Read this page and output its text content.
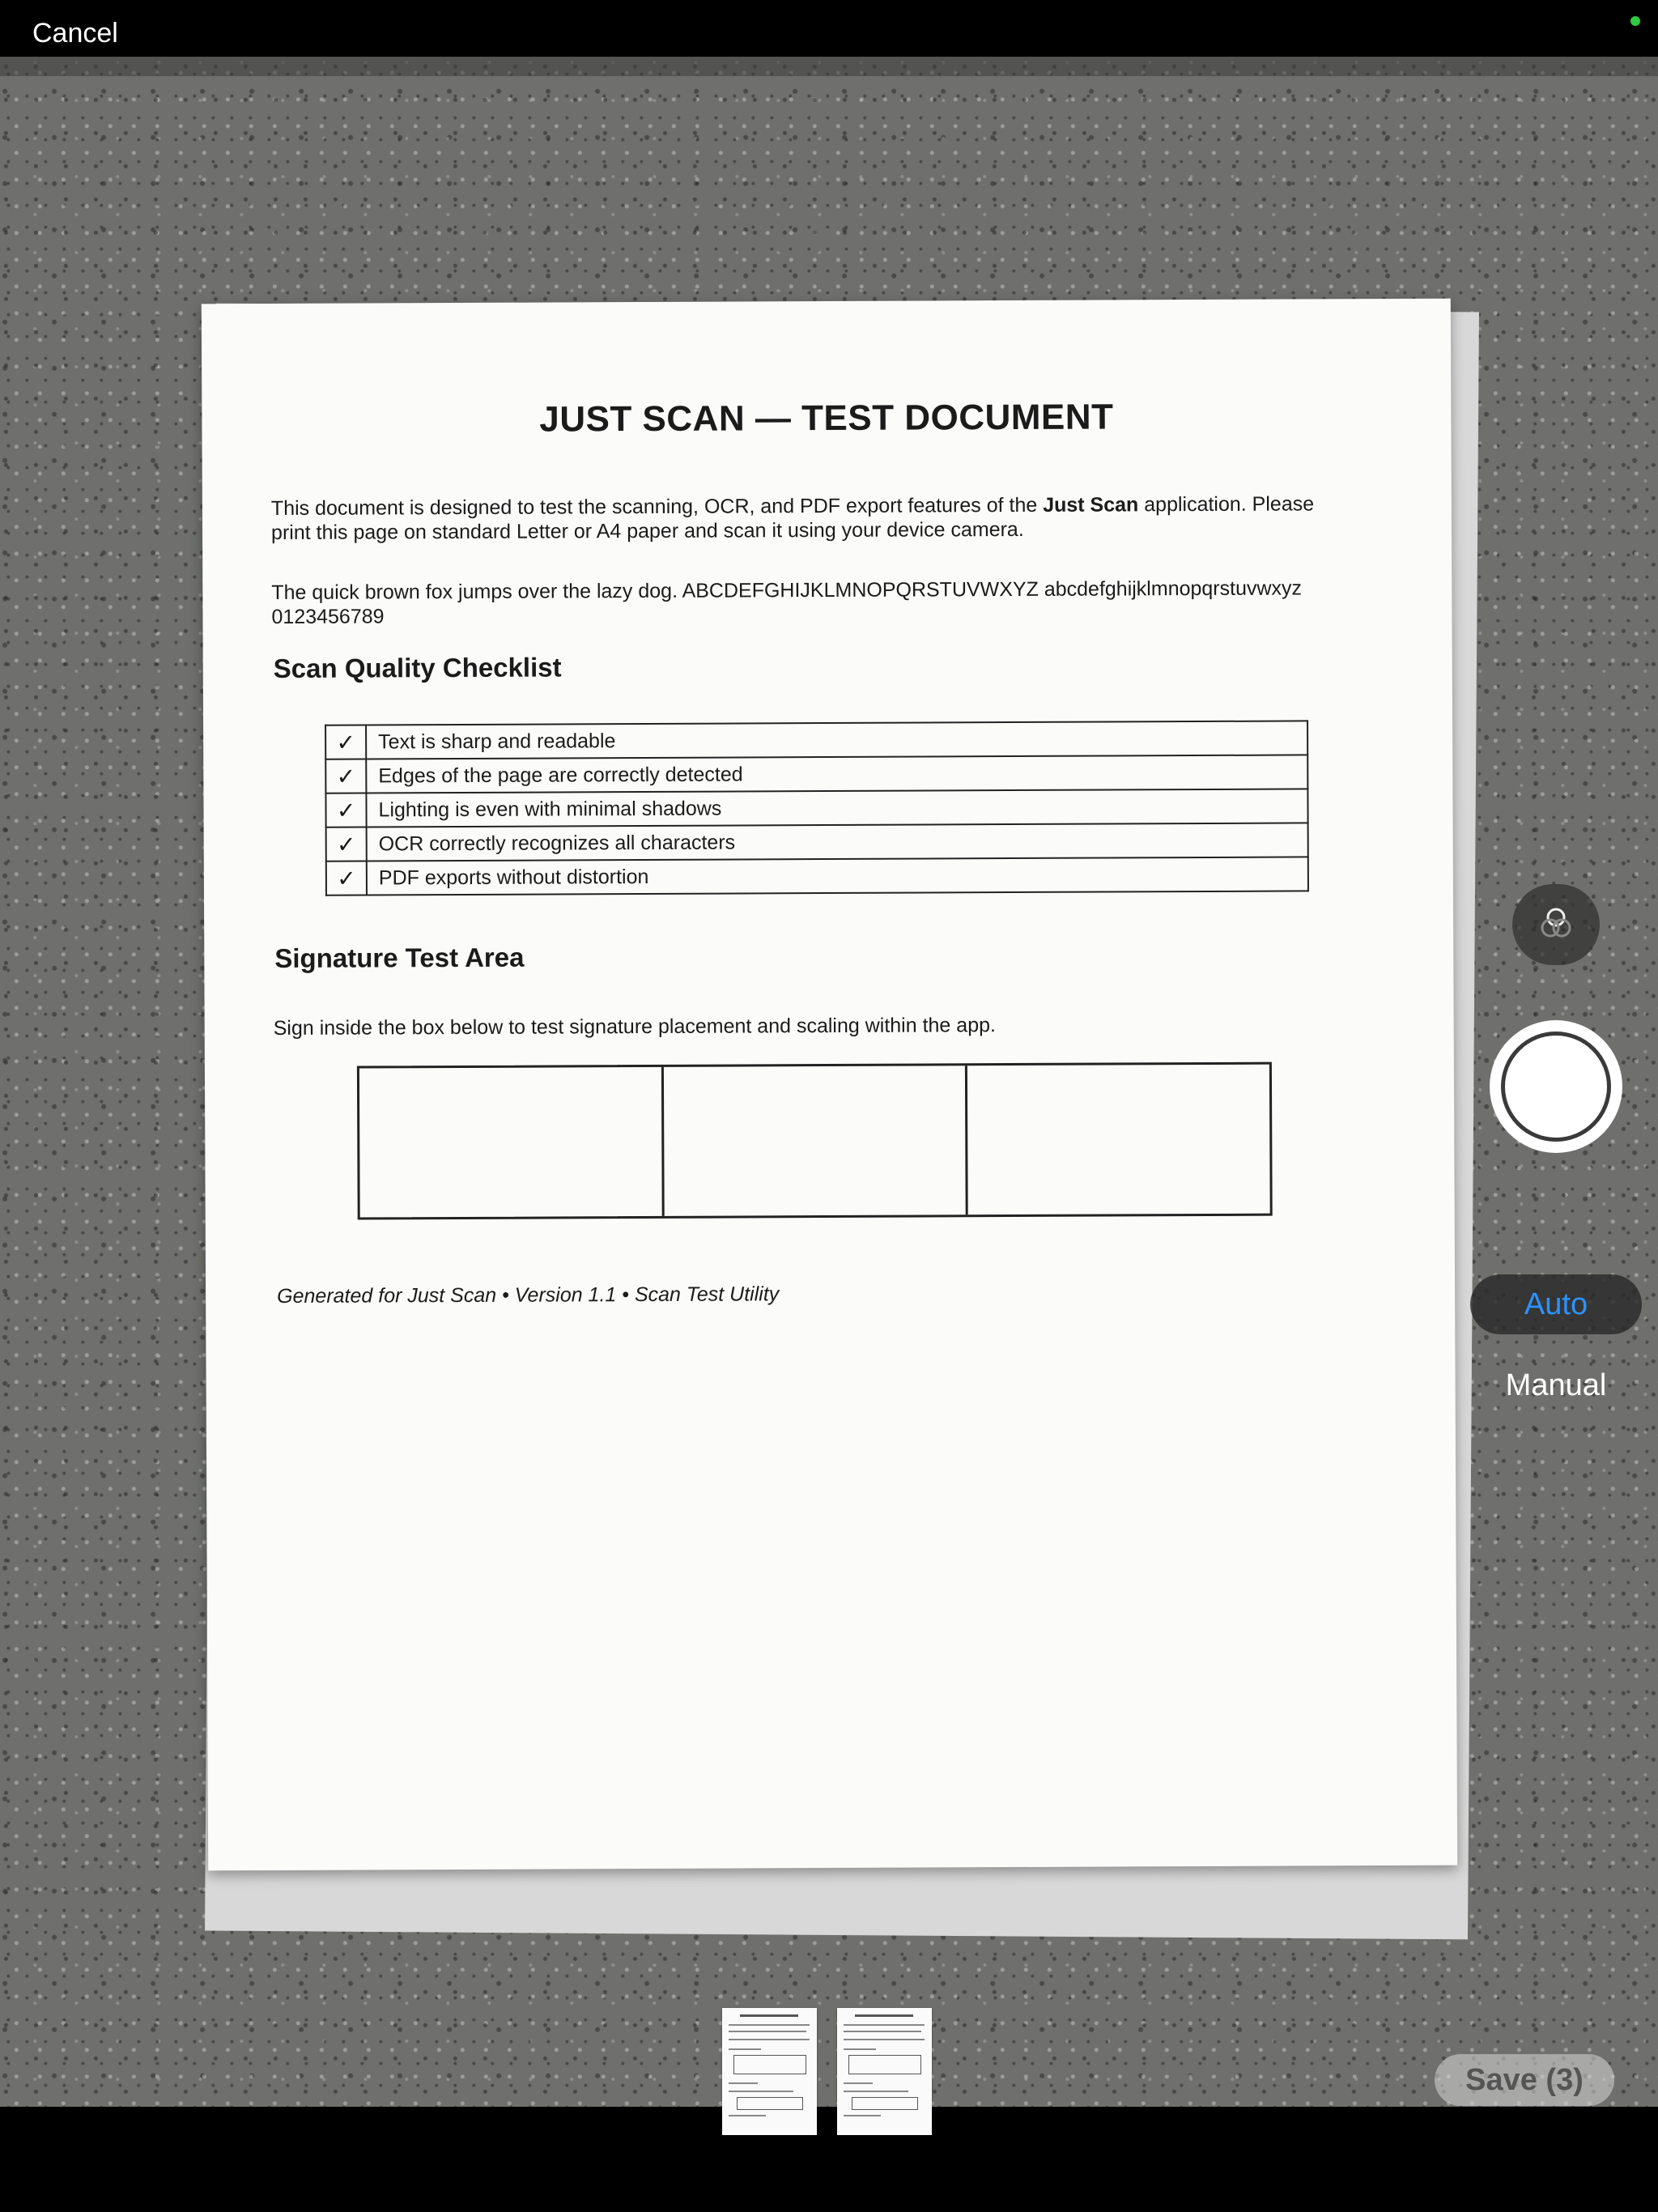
Cancel
JUST SCAN — TEST DOCUMENT
This document is designed to test the scanning, OCR, and PDF export features of the Just Scan application. Please print this page on standard Letter or A4 paper and scan it using your device camera.
The quick brown fox jumps over the lazy dog. ABCDEFGHIJKLMNOPQRSTUVWXYZ abcdefghijklmnopqrstuvwxyz 0123456789
Scan Quality Checklist
✓	Text is sharp and readable
✓	Edges of the page are correctly detected
✓	Lighting is even with minimal shadows
✓	OCR correctly recognizes all characters
✓	PDF exports without distortion
Signature Test Area
Sign inside the box below to test signature placement and scaling within the app.
Generated for Just Scan • Version 1.1 • Scan Test Utility	Auto
Manual
Save (3)
